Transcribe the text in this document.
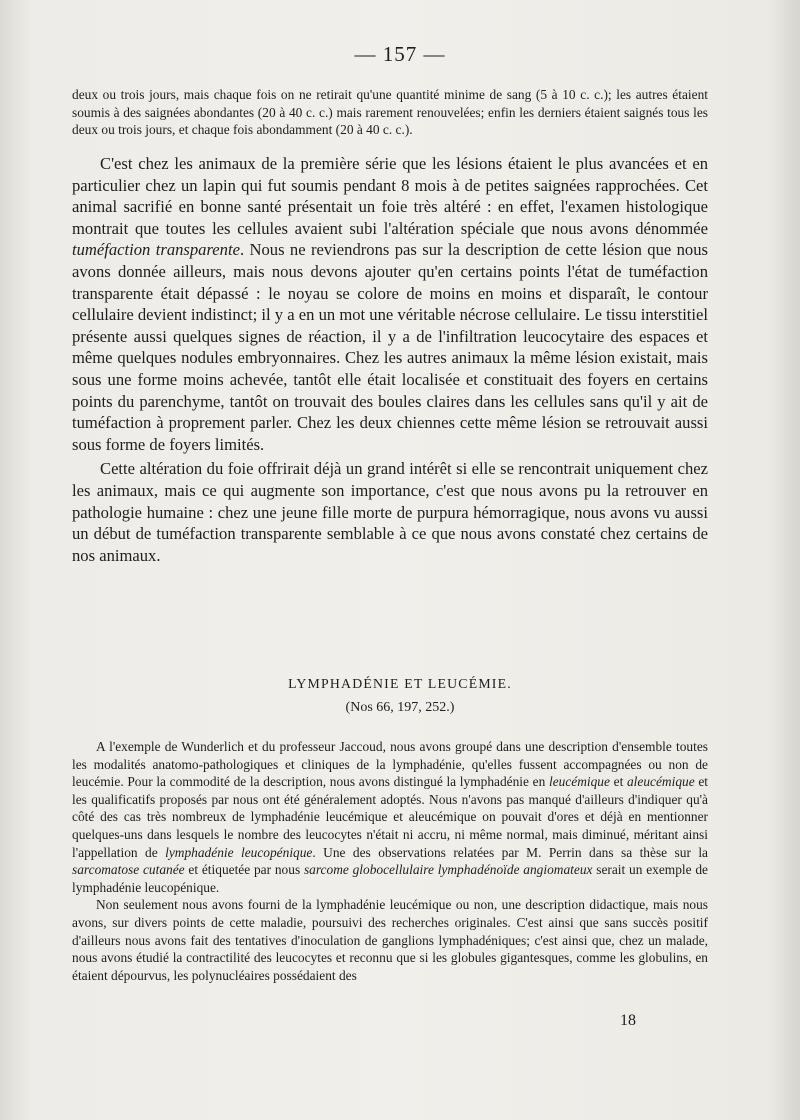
— 157 —
deux ou trois jours, mais chaque fois on ne retirait qu'une quantité minime de sang (5 à 10 c. c.); les autres étaient soumis à des saignées abondantes (20 à 40 c. c.) mais rarement renouvelées; enfin les derniers étaient saignés tous les deux ou trois jours, et chaque fois abondamment (20 à 40 c. c.).

C'est chez les animaux de la première série que les lésions étaient le plus avancées et en particulier chez un lapin qui fut soumis pendant 8 mois à de petites saignées rapprochées. Cet animal sacrifié en bonne santé présentait un foie très altéré : en effet, l'examen histologique montrait que toutes les cellules avaient subi l'altération spéciale que nous avons dénommée tuméfaction transparente. Nous ne reviendrons pas sur la description de cette lésion que nous avons donnée ailleurs, mais nous devons ajouter qu'en certains points l'état de tuméfaction transparente était dépassé : le noyau se colore de moins en moins et disparaît, le contour cellulaire devient indistinct; il y a en un mot une véritable nécrose cellulaire. Le tissu interstitiel présente aussi quelques signes de réaction, il y a de l'infiltration leucocytaire des espaces et même quelques nodules embryonnaires. Chez les autres animaux la même lésion existait, mais sous une forme moins achevée, tantôt elle était localisée et constituait des foyers en certains points du parenchyme, tantôt on trouvait des boules claires dans les cellules sans qu'il y ait de tuméfaction à proprement parler. Chez les deux chiennes cette même lésion se retrouvait aussi sous forme de foyers limités.

Cette altération du foie offrirait déjà un grand intérêt si elle se rencontrait uniquement chez les animaux, mais ce qui augmente son importance, c'est que nous avons pu la retrouver en pathologie humaine : chez une jeune fille morte de purpura hémorragique, nous avons vu aussi un début de tuméfaction transparente semblable à ce que nous avons constaté chez certains de nos animaux.

LYMPHADÉNIE ET LEUCÉMIE.
(Nos 66, 197, 252.)

A l'exemple de Wunderlich et du professeur Jaccoud, nous avons groupé dans une description d'ensemble toutes les modalités anatomo-pathologiques et cliniques de la lymphadénie, qu'elles fussent accompagnées ou non de leucémie. Pour la commodité de la description, nous avons distingué la lymphadénie en leucémique et aleucémique et les qualificatifs proposés par nous ont été généralement adoptés. Nous n'avons pas manqué d'ailleurs d'indiquer qu'à côté des cas très nombreux de lymphadénie leucémique et aleucémique on pouvait d'ores et déjà en mentionner quelques-uns dans lesquels le nombre des leucocytes n'était ni accru, ni même normal, mais diminué, méritant ainsi l'appellation de lymphadénie leucopénique. Une des observations relatées par M. Perrin dans sa thèse sur la sarcomatose cutanée et étiquetée par nous sarcome globocellulaire lymphadénoïde angiomateux serait un exemple de lymphadénie leucopénique.

Non seulement nous avons fourni de la lymphadénie leucémique ou non, une description didactique, mais nous avons, sur divers points de cette maladie, poursuivi des recherches originales. C'est ainsi que sans succès positif d'ailleurs nous avons fait des tentatives d'inoculation de ganglions lymphadéniques; c'est ainsi que, chez un malade, nous avons étudié la contractilité des leucocytes et reconnu que si les globules gigantesques, comme les globulins, en étaient dépourvus, les polynucléaires possédaient des

18
